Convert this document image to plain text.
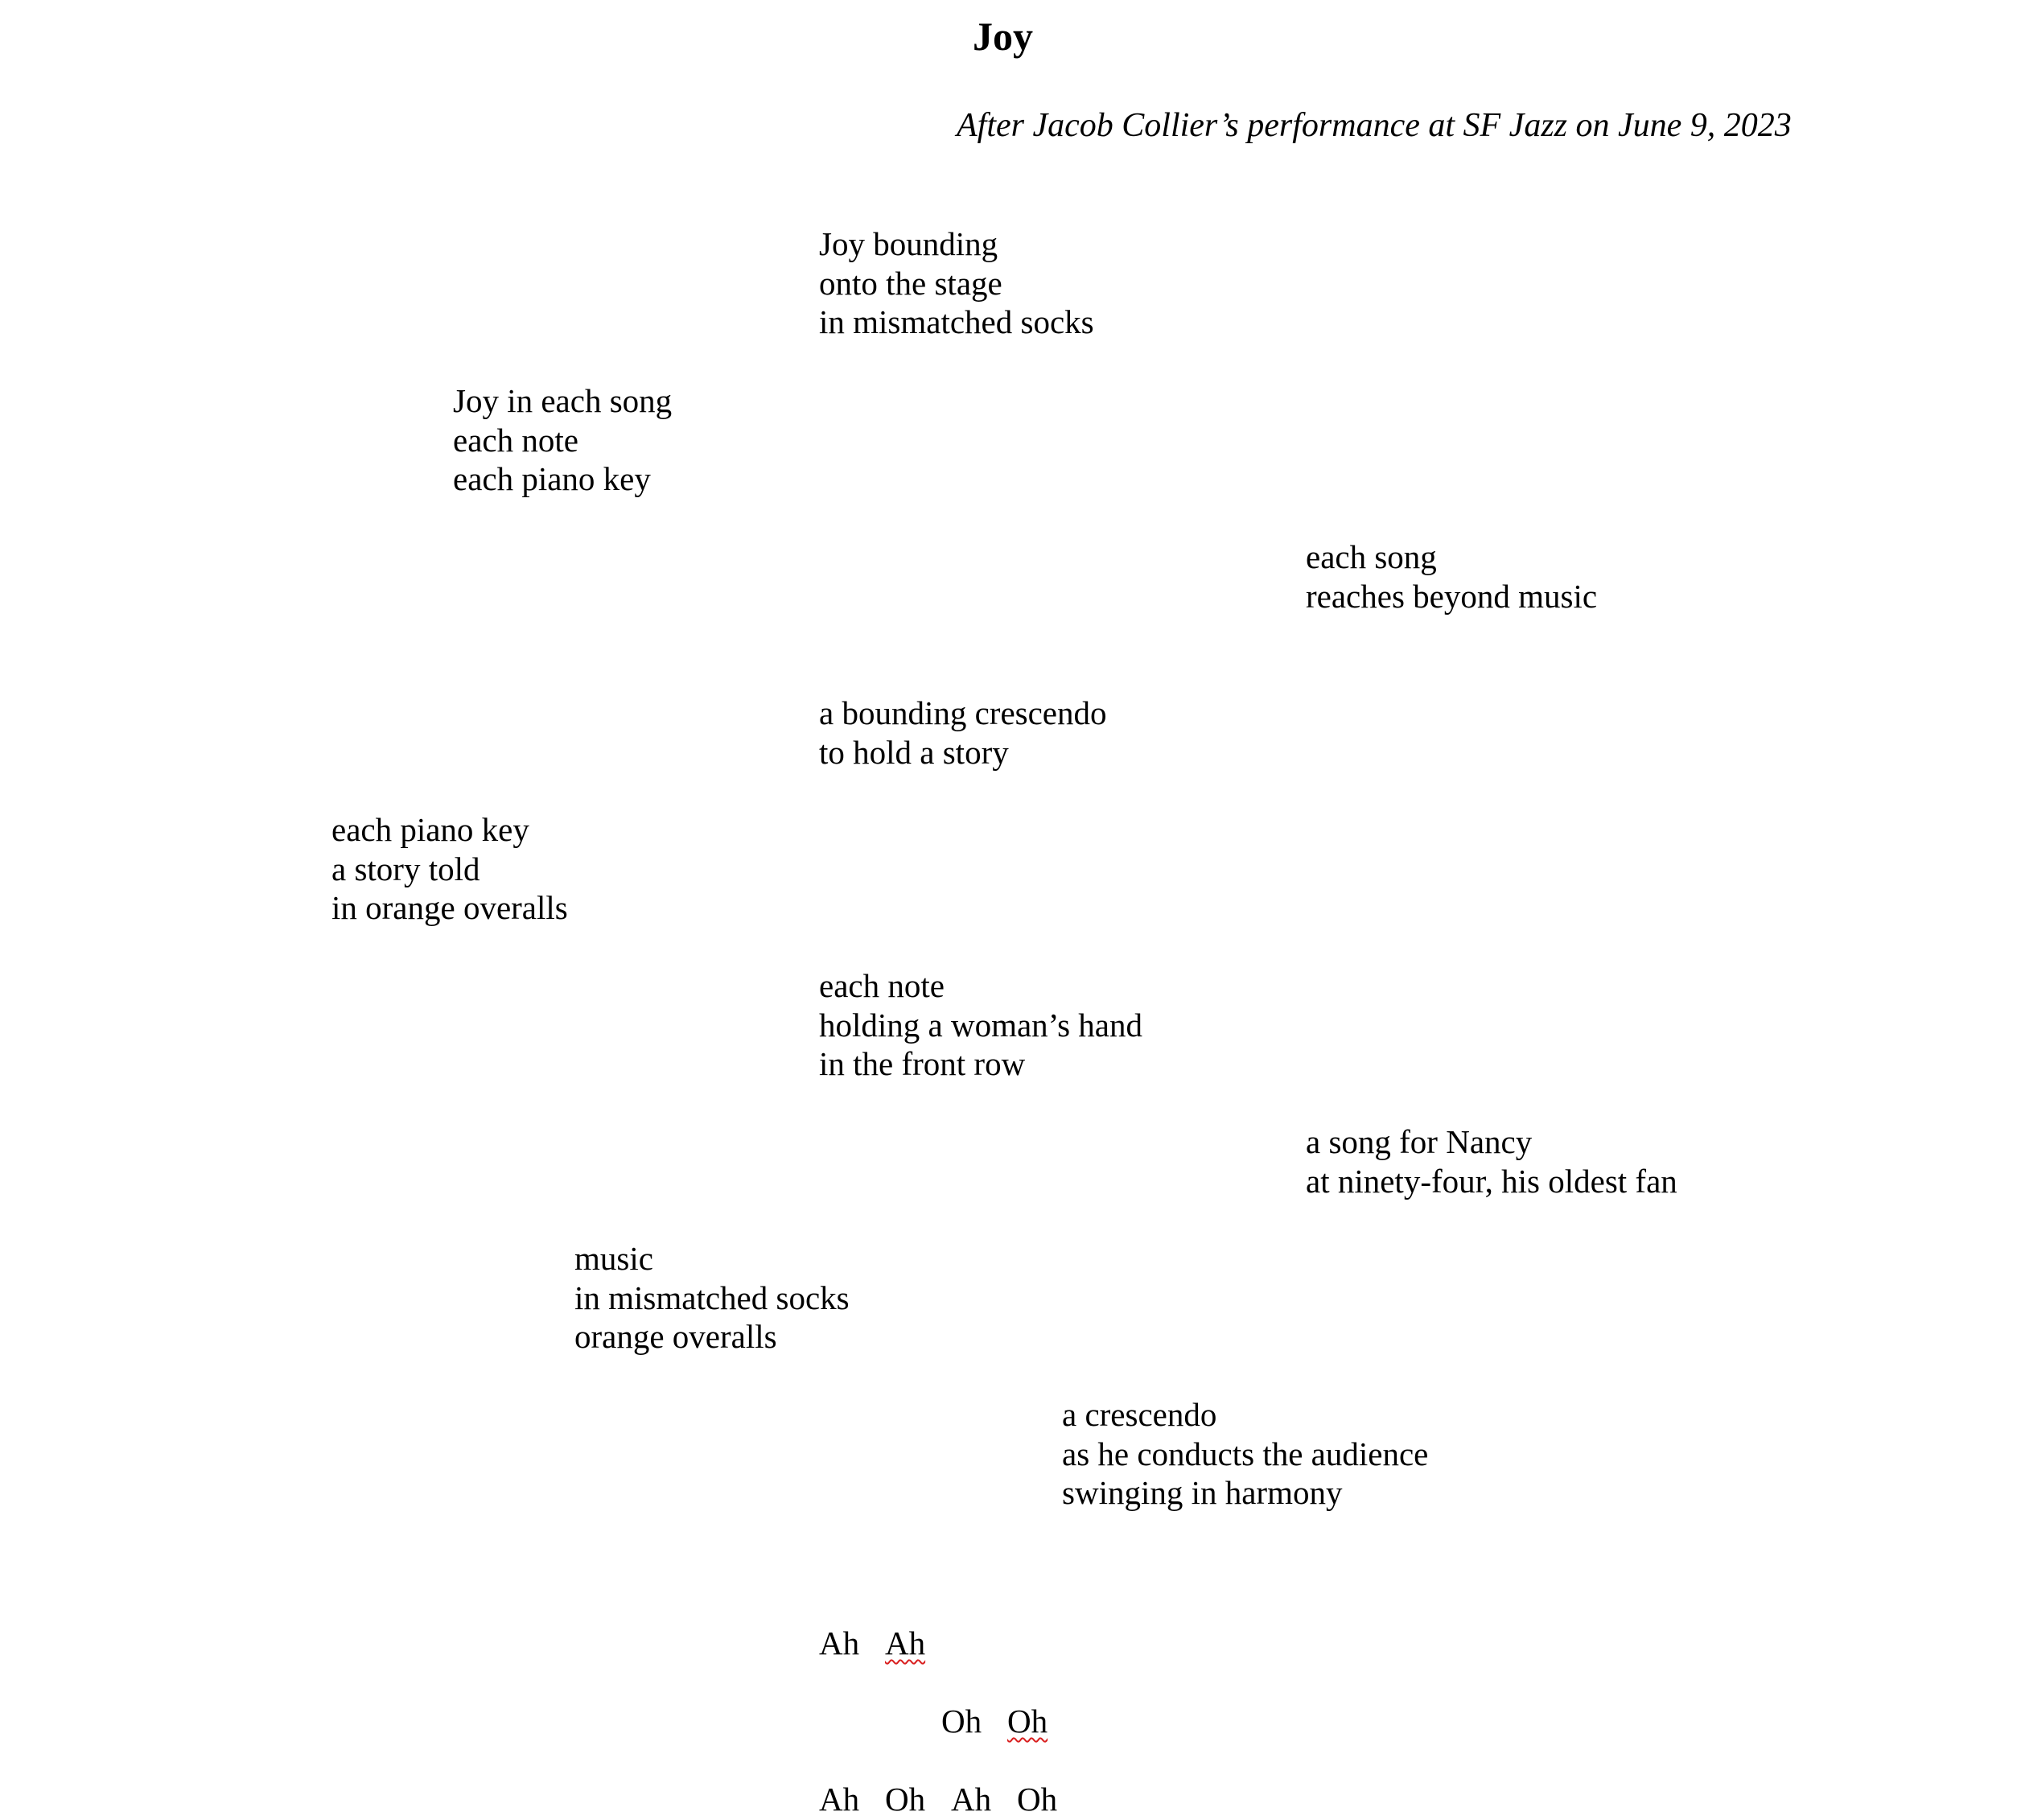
Joy
After Jacob Collier’s performance at SF Jazz on June 9, 2023
Joy bounding
onto the stage
in mismatched socks
Joy in each song
each note
each piano key
each song
reaches beyond music
a bounding crescendo
to hold a story
each piano key
a story told
in orange overalls
each note
holding a woman’s hand
in the front row
a song for Nancy
at ninety-four, his oldest fan
music
in mismatched socks
orange overalls
a crescendo
as he conducts the audience
swinging in harmony
Ah Ah
Oh Oh
Ah Oh Ah Oh
